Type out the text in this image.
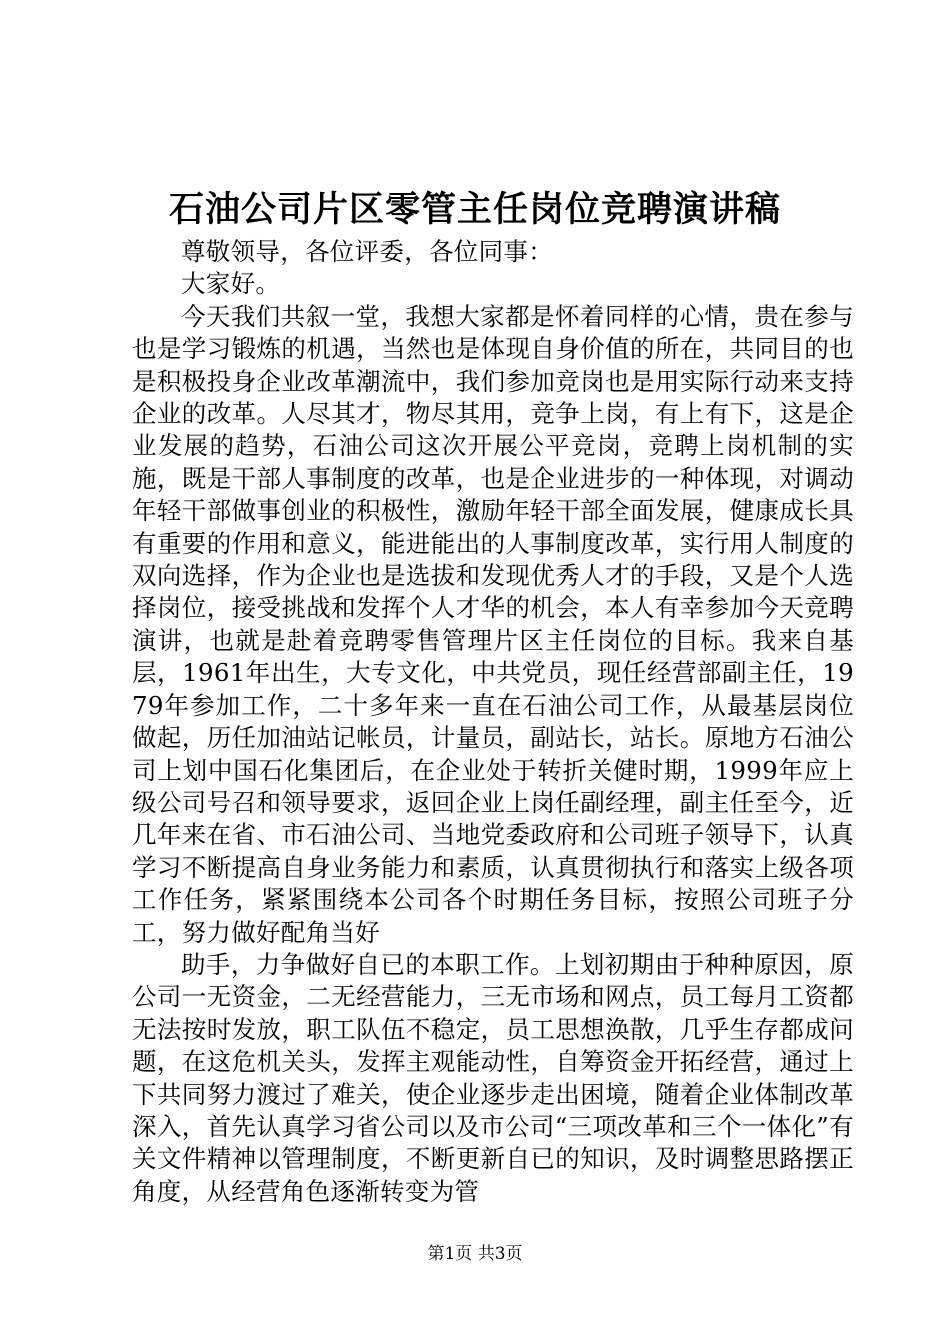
石油公司片区零管主任岗位竞聘演讲稿

尊敬领导，各位评委，各位同事：

大家好。

今天我们共叙一堂，我想大家都是怀着同样的心情，贵在参与也是学习锻炼的机遇，当然也是体现自身价值的所在，共同目的也是积极投身企业改革潮流中，我们参加竞岗也是用实际行动来支持企业的改革。人尽其才，物尽其用，竞争上岗，有上有下，这是企业发展的趋势，石油公司这次开展公平竞岗，竞聘上岗机制的实施，既是干部人事制度的改革，也是企业进步的一种体现，对调动年轻干部做事创业的积极性，激励年轻干部全面发展，健康成长具有重要的作用和意义，能进能出的人事制度改革，实行用人制度的双向选择，作为企业也是选拔和发现优秀人才的手段，又是个人选择岗位，接受挑战和发挥个人才华的机会，本人有幸参加今天竞聘演讲，也就是赴着竞聘零售管理片区主任岗位的目标。我来自基层，1961年出生，大专文化，中共党员，现任经营部副主任，1979年参加工作，二十多年来一直在石油公司工作，从最基层岗位做起，历任加油站记帐员，计量员，副站长，站长。原地方石油公司上划中国石化集团后，在企业处于转折关健时期，1999年应上级公司号召和领导要求，返回企业上岗任副经理，副主任至今，近几年来在省、市石油公司、当地党委政府和公司班子领导下，认真学习不断提高自身业务能力和素质，认真贯彻执行和落实上级各项工作任务，紧紧围绕本公司各个时期任务目标，按照公司班子分工，努力做好配角当好

助手，力争做好自已的本职工作。上划初期由于种种原因，原公司一无资金，二无经营能力，三无市场和网点，员工每月工资都无法按时发放，职工队伍不稳定，员工思想涣散，几乎生存都成问题，在这危机关头，发挥主观能动性，自筹资金开拓经营，通过上下共同努力渡过了难关，使企业逐步走出困境，随着企业体制改革深入，首先认真学习省公司以及市公司“三项改革和三个一体化”有关文件精神以管理制度，不断更新自已的知识，及时调整思路摆正角度，从经营角色逐渐转变为管

第1页 共3页
